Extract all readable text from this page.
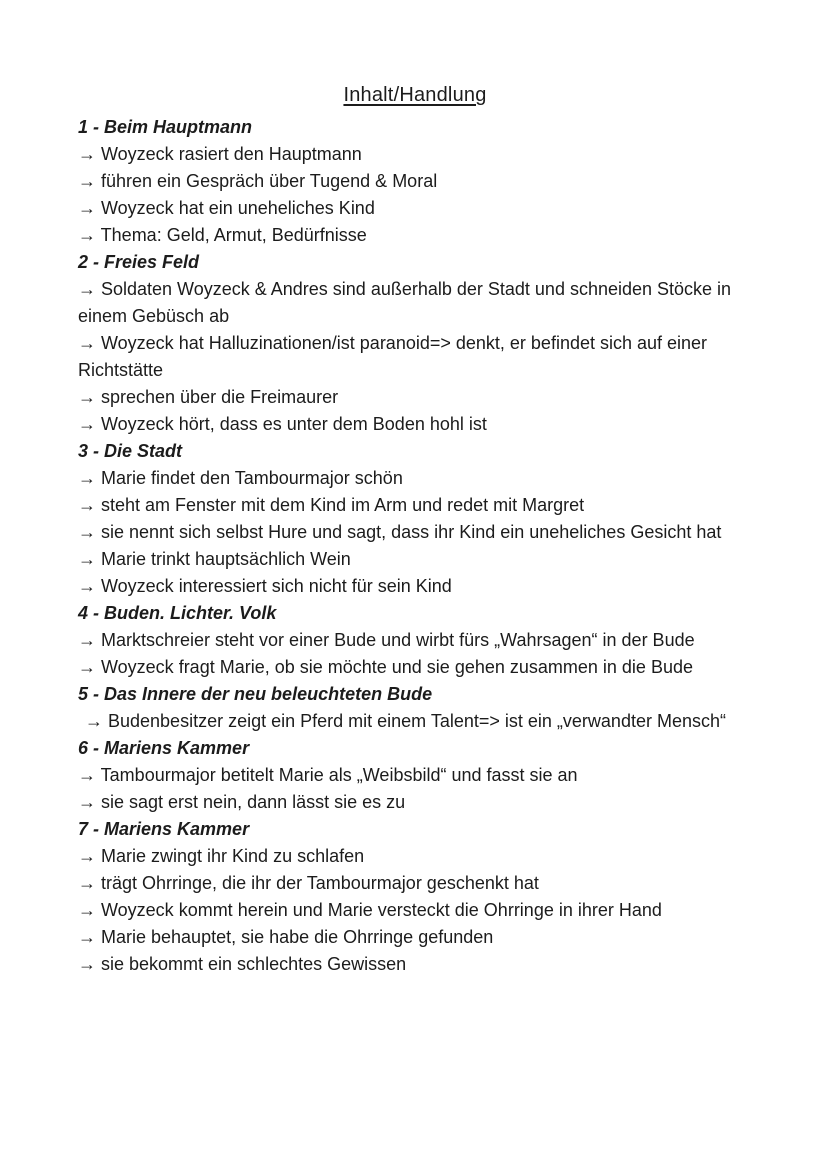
Inhalt/Handlung

1 - Beim Hauptmann

→ Woyzeck rasiert den Hauptmann

→ führen ein Gespräch über Tugend & Moral

→ Woyzeck hat ein uneheliches Kind

→ Thema: Geld, Armut, Bedürfnisse

2 - Freies Feld

→ Soldaten Woyzeck & Andres sind außerhalb der Stadt und schneiden Stöcke in einem Gebüsch ab

→ Woyzeck hat Halluzinationen/ist paranoid=> denkt, er befindet sich auf einer Richtstätte

→ sprechen über die Freimaurer

→ Woyzeck hört, dass es unter dem Boden hohl ist

3 - Die Stadt

→ Marie findet den Tambourmajor schön

→ steht am Fenster mit dem Kind im Arm und redet mit Margret

→ sie nennt sich selbst Hure und sagt, dass ihr Kind ein uneheliches Gesicht hat

→ Marie trinkt hauptsächlich Wein

→ Woyzeck interessiert sich nicht für sein Kind

4 - Buden. Lichter. Volk

→ Marktschreier steht vor einer Bude und wirbt fürs „Wahrsagen“ in der Bude

→ Woyzeck fragt Marie, ob sie möchte und sie gehen zusammen in die Bude

5 - Das Innere der neu beleuchteten Bude

→ Budenbesitzer zeigt ein Pferd mit einem Talent=> ist ein „verwandter Mensch“

6 - Mariens Kammer

→ Tambourmajor betitelt Marie als „Weibsbild“ und fasst sie an

→ sie sagt erst nein, dann lässt sie es zu

7 - Mariens Kammer

→ Marie zwingt ihr Kind zu schlafen

→ trägt Ohrringe, die ihr der Tambourmajor geschenkt hat

→ Woyzeck kommt herein und Marie versteckt die Ohrringe in ihrer Hand

→ Marie behauptet, sie habe die Ohrringe gefunden

→ sie bekommt ein schlechtes Gewissen
